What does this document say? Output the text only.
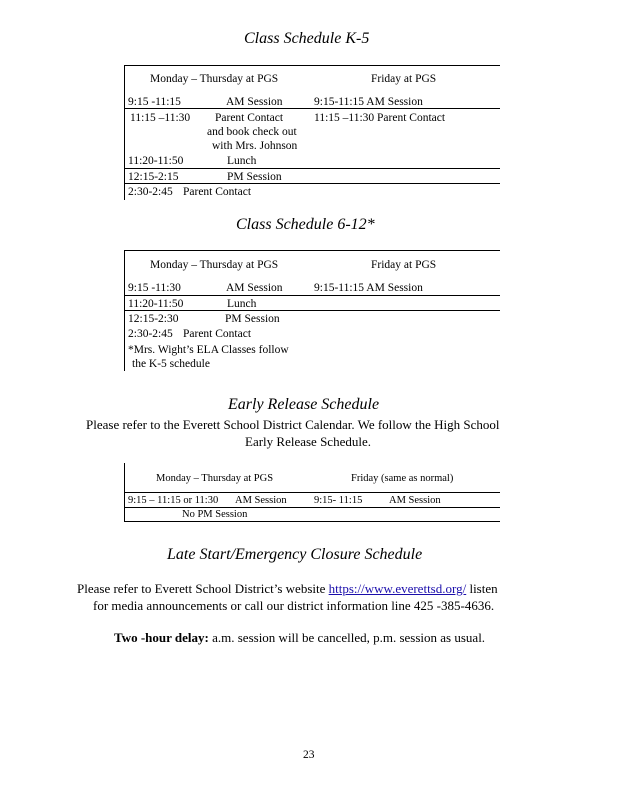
Class Schedule K-5
Monday – Thursday at PGS	Friday at PGS
9:15 -11:15	AM Session	9:15-11:15 AM Session
11:15 –11:30 Parent Contact	11:15 –11:30 Parent Contact
and book check out
with Mrs. Johnson
11:20-11:50	Lunch
12:15-2:15	PM Session
2:30-2:45 Parent Contact
Class Schedule 6-12*
Monday – Thursday at PGS	Friday at PGS
9:15 -11:30	AM Session	9:15-11:15 AM Session
11:20-11:50	Lunch
12:15-2:30	PM Session
2:30-2:45 Parent Contact
*Mrs. Wight’s ELA Classes follow
the K-5 schedule
Early Release Schedule
Please refer to the Everett School District Calendar. We follow the High School
Early Release Schedule.
Monday – Thursday at PGS	Friday (same as normal)
9:15 – 11:15 or 11:30 AM Session	9:15- 11:15	AM Session
No PM Session
Late Start/Emergency Closure Schedule
Please refer to Everett School District’s website https://www.everettsd.org/ listen
for media announcements or call our district information line 425 -385-4636.
Two -hour delay: a.m. session will be cancelled, p.m. session as usual.
23
